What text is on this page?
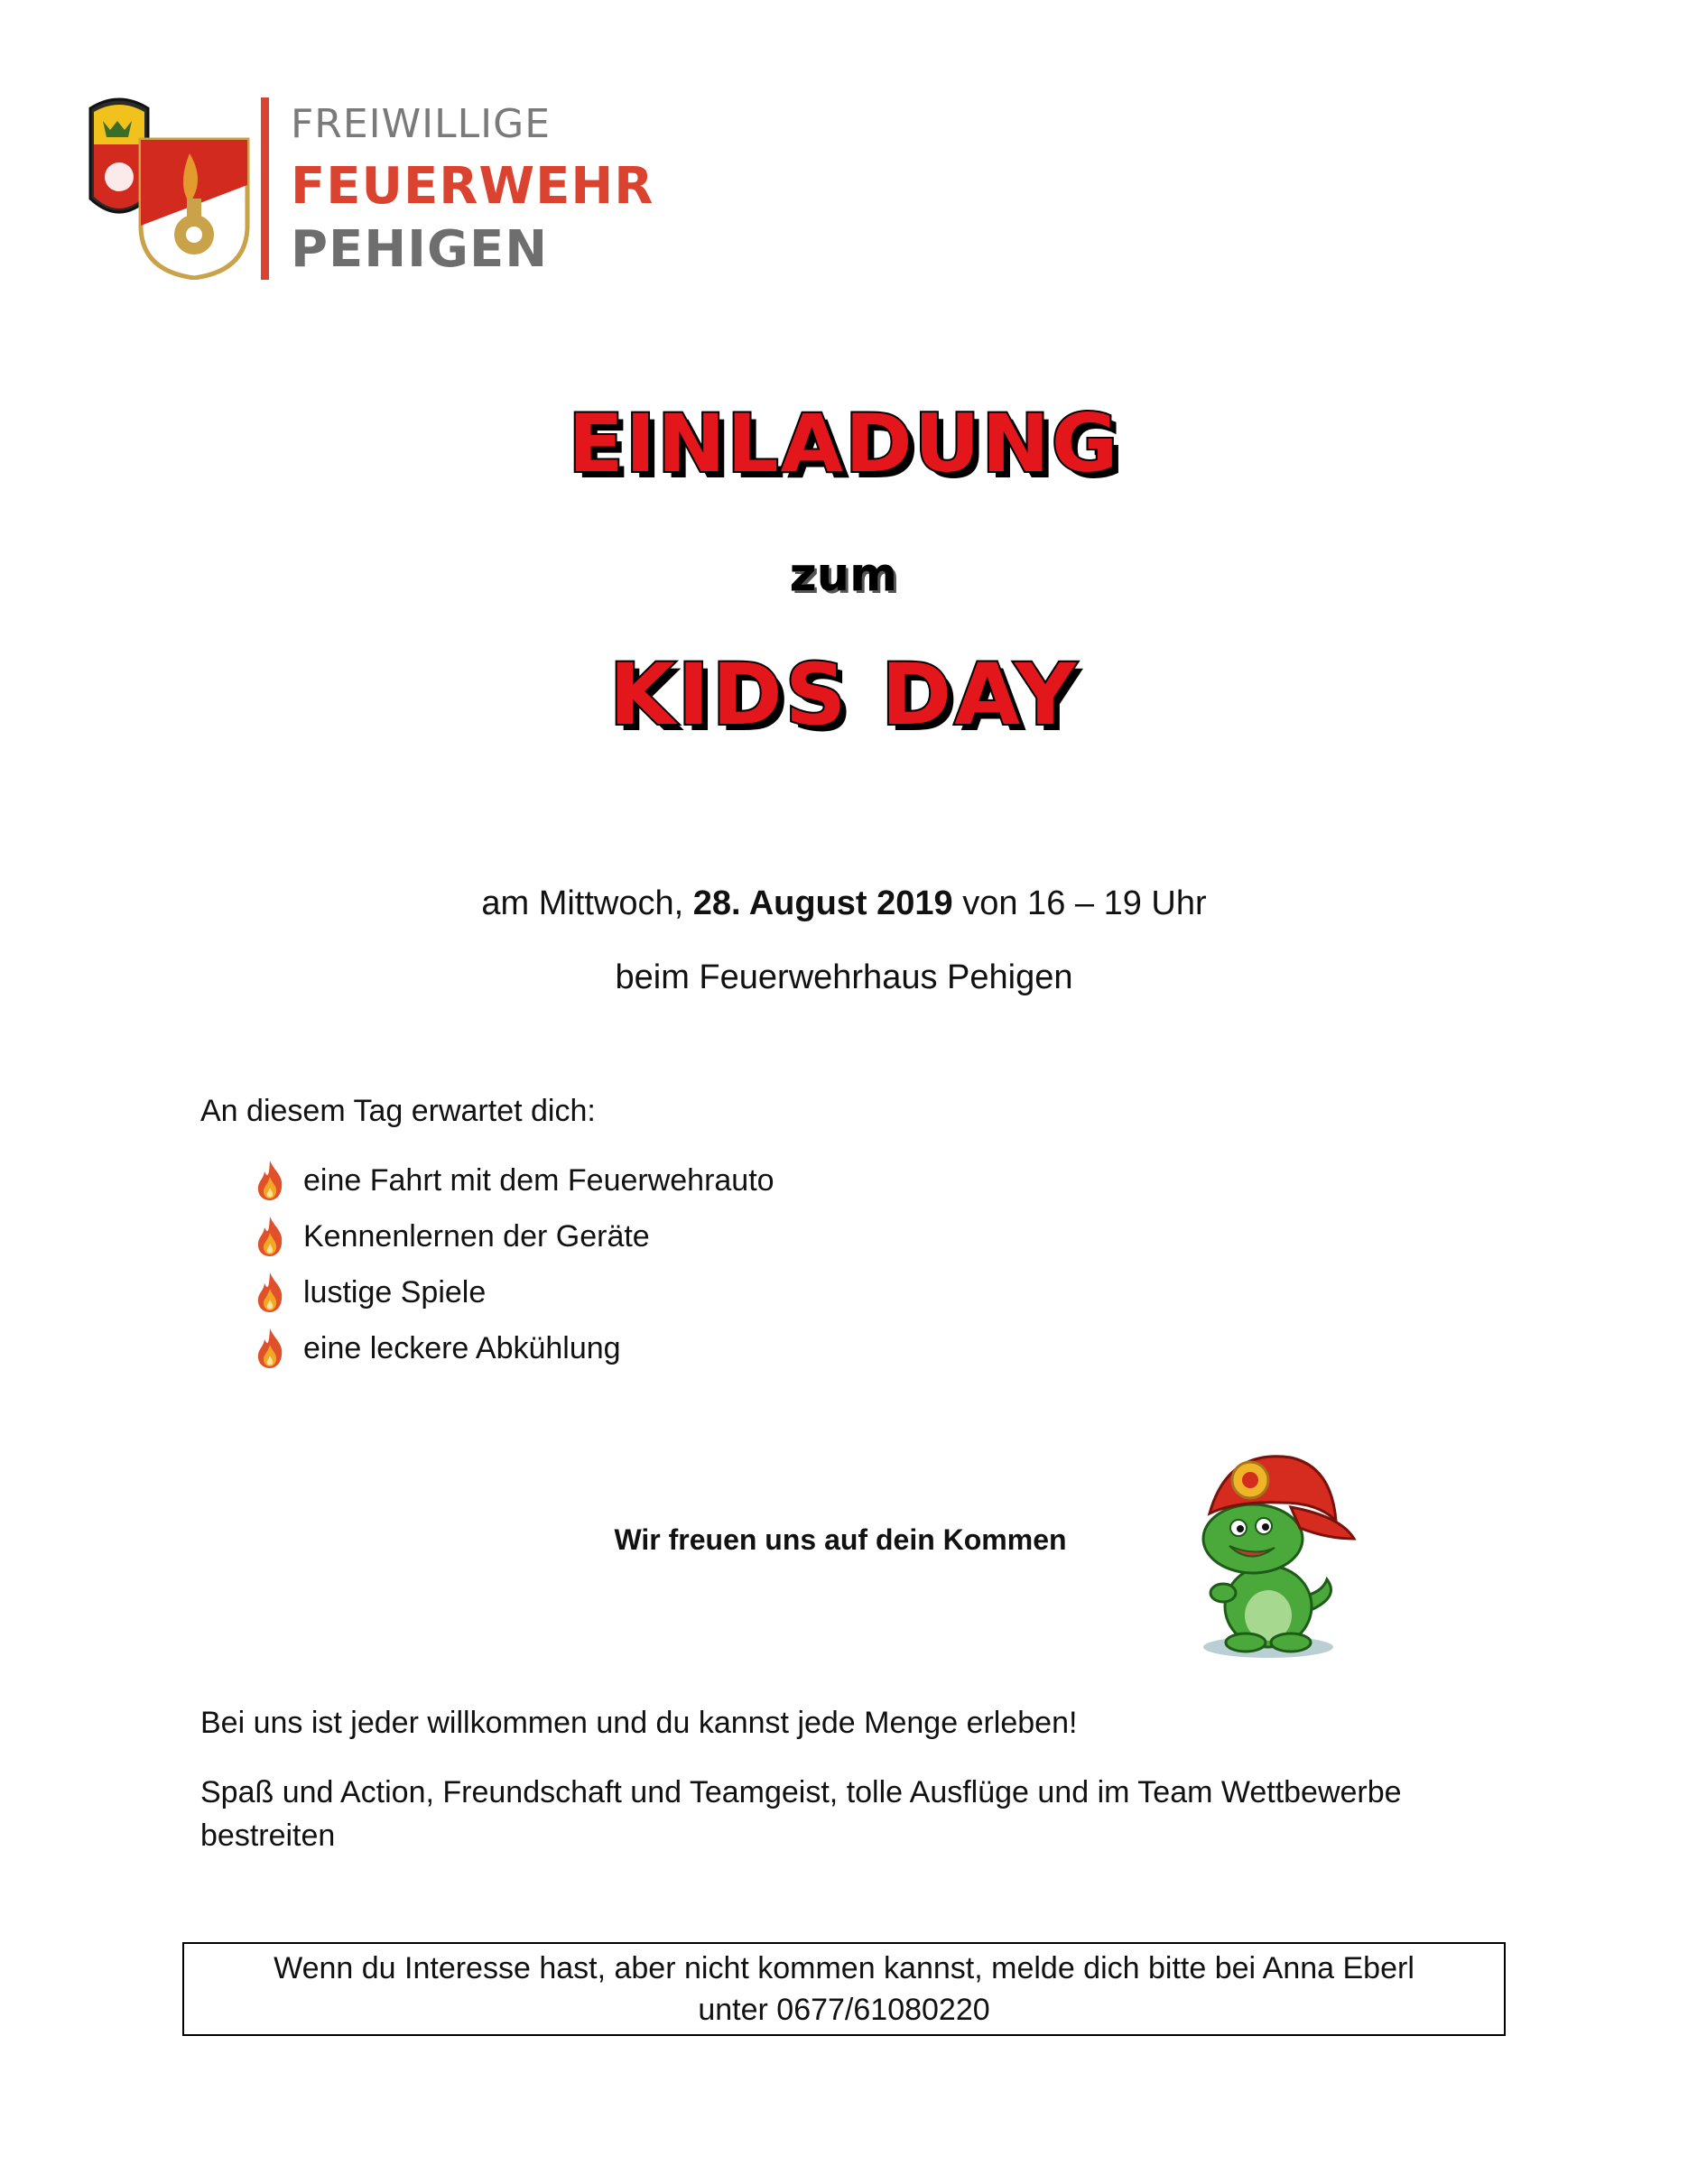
FREIWILLIGE
FEUERWEHR
PEHIGEN
EINLADUNG
zum
KIDS DAY
am Mittwoch, 28. August 2019 von 16 – 19 Uhr
beim Feuerwehrhaus Pehigen
An diesem Tag erwartet dich:
eine Fahrt mit dem Feuerwehrauto
Kennenlernen der Geräte
lustige Spiele
eine leckere Abkühlung
Wir freuen uns auf dein Kommen
Bei uns ist jeder willkommen und du kannst jede Menge erleben!
Spaß und Action, Freundschaft und Teamgeist, tolle Ausflüge und im Team Wettbewerbe bestreiten
Wenn du Interesse hast, aber nicht kommen kannst, melde dich bitte bei Anna Eberl
unter 0677/61080220
